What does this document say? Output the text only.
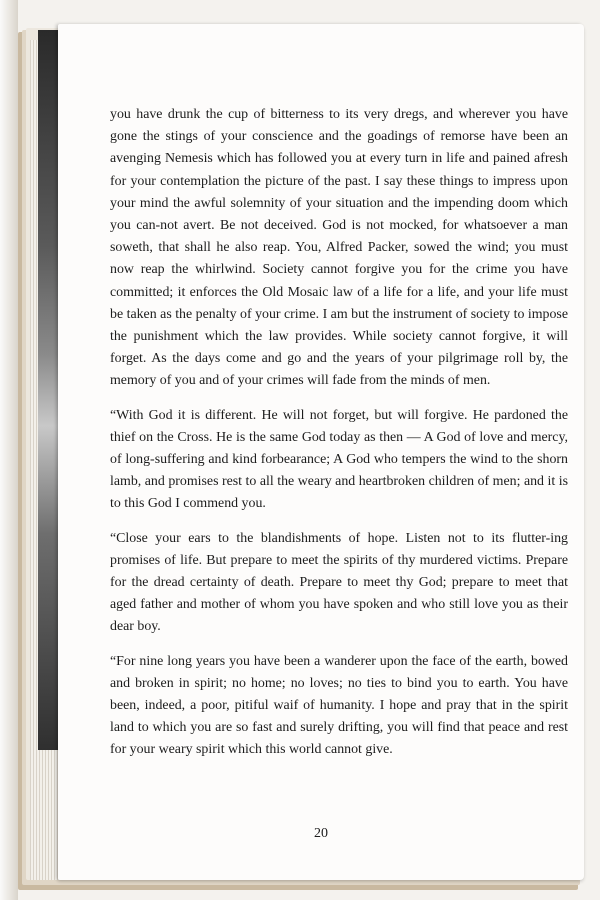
you have drunk the cup of bitterness to its very dregs, and wherever you have gone the stings of your conscience and the goadings of remorse have been an avenging Nemesis which has followed you at every turn in life and pained afresh for your contemplation the picture of the past. I say these things to impress upon your mind the awful solemnity of your situation and the impending doom which you can-not avert. Be not deceived. God is not mocked, for whatsoever a man soweth, that shall he also reap. You, Alfred Packer, sowed the wind; you must now reap the whirlwind. Society cannot forgive you for the crime you have committed; it enforces the Old Mosaic law of a life for a life, and your life must be taken as the penalty of your crime. I am but the instrument of society to impose the punishment which the law provides. While society cannot forgive, it will forget. As the days come and go and the years of your pilgrimage roll by, the memory of you and of your crimes will fade from the minds of men.

“With God it is different. He will not forget, but will forgive. He pardoned the thief on the Cross. He is the same God today as then — A God of love and mercy, of long-suffering and kind forbearance; A God who tempers the wind to the shorn lamb, and promises rest to all the weary and heartbroken children of men; and it is to this God I commend you.

“Close your ears to the blandishments of hope. Listen not to its flutter-ing promises of life. But prepare to meet the spirits of thy murdered victims. Prepare for the dread certainty of death. Prepare to meet thy God; prepare to meet that aged father and mother of whom you have spoken and who still love you as their dear boy.

“For nine long years you have been a wanderer upon the face of the earth, bowed and broken in spirit; no home; no loves; no ties to bind you to earth. You have been, indeed, a poor, pitiful waif of humanity. I hope and pray that in the spirit land to which you are so fast and surely drifting, you will find that peace and rest for your weary spirit which this world cannot give.

20
